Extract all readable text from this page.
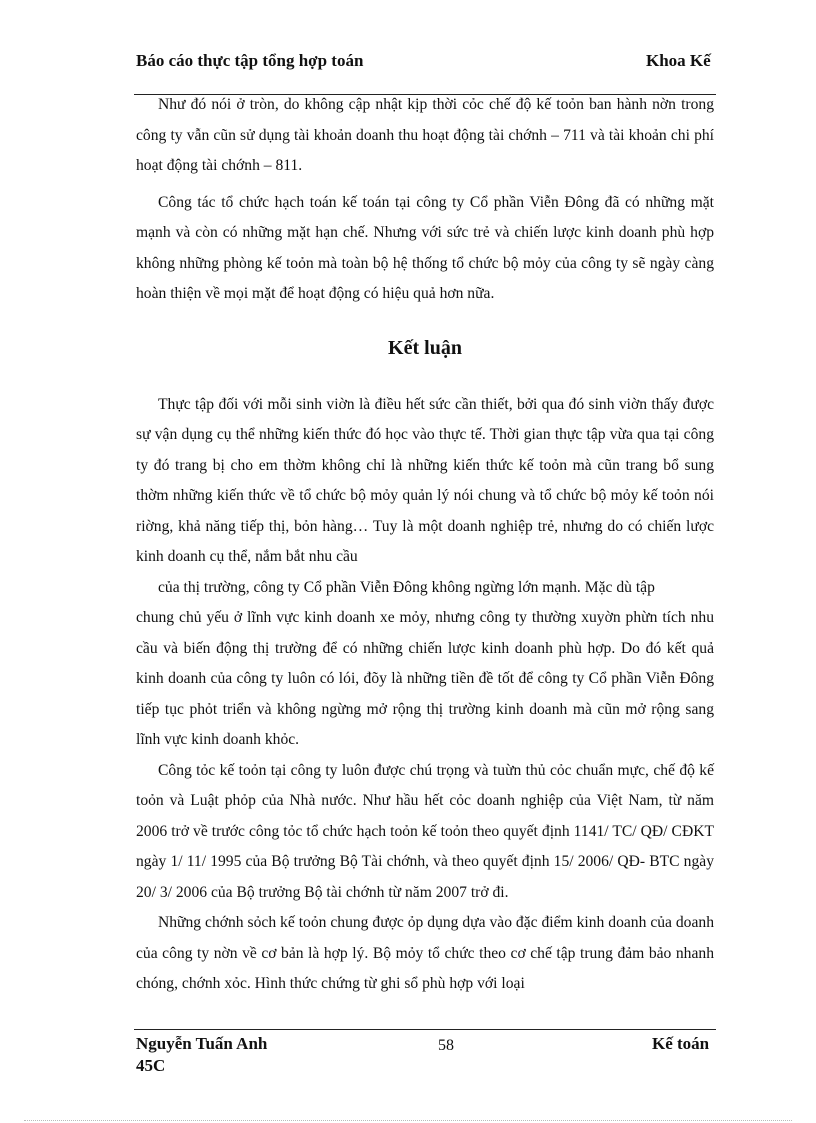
Báo cáo thực tập tổng hợp toán	Khoa Kế

Như đó nói ở tròn, do không cập nhật kịp thời cỏc chế độ kế toỏn ban hành nờn trong công ty vẫn cũn sử dụng tài khoản doanh thu hoạt động tài chớnh – 711 và tài khoản chi phí hoạt động tài chớnh – 811.

Công tác tổ chức hạch toán kế toán tại công ty Cổ phần Viễn Đông đã có những mặt mạnh và còn có những mặt hạn chế. Nhưng với sức trẻ và chiến lược kinh doanh phù hợp không những phòng kế toỏn mà toàn bộ hệ thống tổ chức bộ mỏy của công ty sẽ ngày càng hoàn thiện về mọi mặt để hoạt động có hiệu quả hơn nữa.

Kết luận

Thực tập đối với mỗi sinh viờn là điều hết sức cần thiết, bởi qua đó sinh viờn thấy được sự vận dụng cụ thể những kiến thức đó học vào thực tế. Thời gian thực tập vừa qua tại công ty đó trang bị cho em thờm không chỉ là những kiến thức kế toỏn mà cũn trang bổ sung thờm những kiến thức về tổ chức bộ mỏy quản lý nói chung và tổ chức bộ mỏy kế toỏn nói riờng, khả năng tiếp thị, bỏn hàng… Tuy là một doanh nghiệp trẻ, nhưng do có chiến lược kinh doanh cụ thể, nắm bắt nhu cầu

của thị trường, công ty Cổ phần Viễn Đông không ngừng lớn mạnh. Mặc dù tập

chung chủ yếu ở lĩnh vực kinh doanh xe mỏy, nhưng công ty thường xuyờn phừn tích nhu cầu và biến động thị trường để có những chiến lược kinh doanh phù hợp. Do đó kết quả kinh doanh của công ty luôn có lói, đõy là những tiền đề tốt để công ty Cổ phần Viễn Đông tiếp tục phỏt triển và không ngừng mở rộng thị trường kinh doanh mà cũn mở rộng sang lĩnh vực kinh doanh khỏc.

Công tỏc kế toỏn tại công ty luôn được chú trọng và tuừn thủ cỏc chuẩn mực, chế độ kế toỏn và Luật phỏp của Nhà nước. Như hầu hết cỏc doanh nghiệp của Việt Nam, từ năm 2006 trở về trước công tỏc tổ chức hạch toỏn kế toỏn theo quyết định 1141/ TC/ QĐ/ CĐKT ngày 1/ 11/ 1995 của Bộ trưởng Bộ Tài chớnh, và theo quyết định 15/ 2006/ QĐ- BTC ngày 20/ 3/ 2006 của Bộ trưởng Bộ tài chớnh từ năm 2007 trở đi.

Những chớnh sỏch kế toỏn chung được ỏp dụng dựa vào đặc điểm kinh doanh của doanh của công ty nờn về cơ bản là hợp lý. Bộ mỏy tổ chức theo cơ chế tập trung đảm bảo nhanh chóng, chớnh xỏc. Hình thức chứng từ ghi sổ phù hợp với loại

Nguyễn Tuấn Anh 45C
58	Kế toán
